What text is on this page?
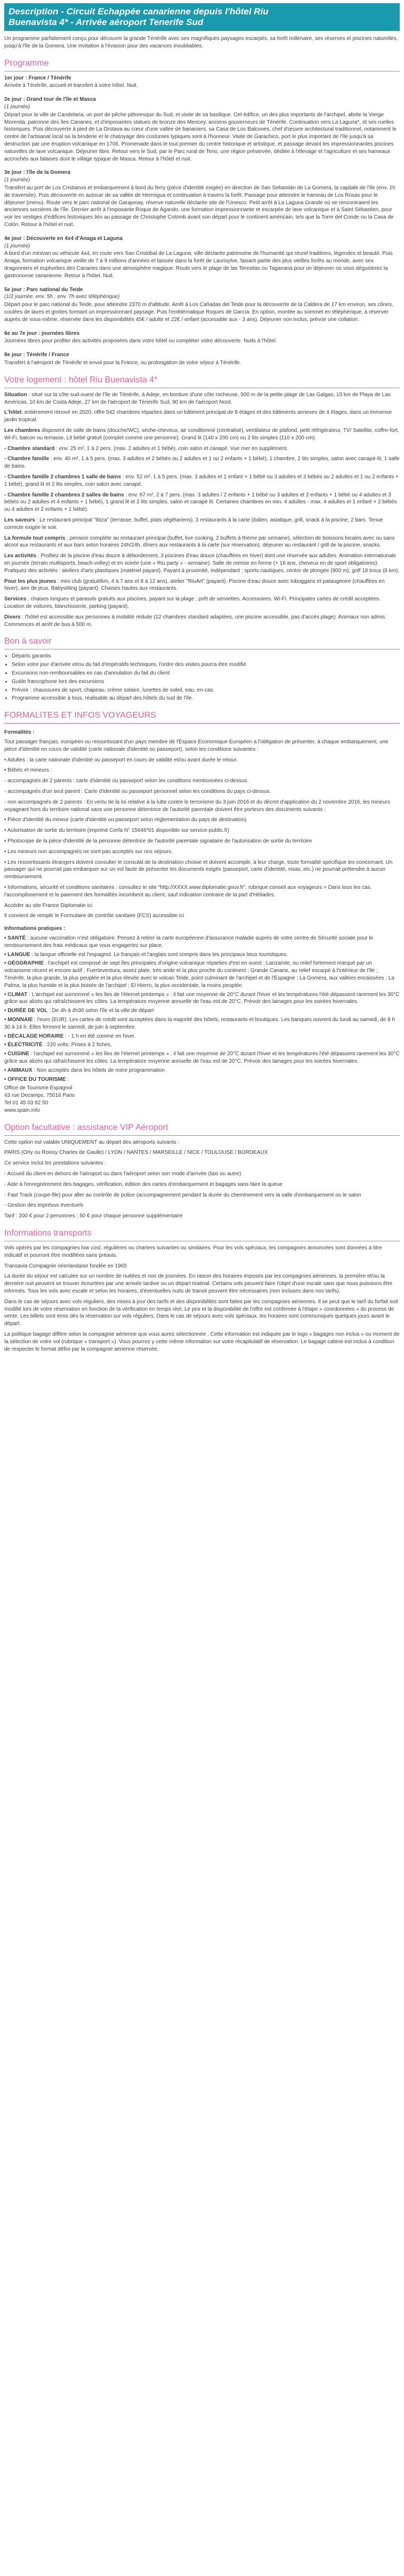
Description - Circuit Echappée canarienne depuis l'hôtel Riu
Buenavista 4* - Arrivée aéroport Tenerife Sud

Un programme parfaitement conçu pour découvrir la grande Ténérife avec ses magnifiques paysages escarpés, sa forêt millénaire, ses réserves et piscines naturelles, jusqu'à l'île de la Gomera. Une invitation à l'évasion pour des vacances inoubliables.

Programme
1er jour : France / Ténérife
Arrivée à Ténérife, accueil et transfert à votre hôtel. Nuit.
2e jour : Grand tour de l'île et Masca
(1 journée)
Départ pour la ville de Candelaria, un port de pêche pittoresque du Sud, et visite de sa basilique. Cet édifice, un des plus importants de l'archipel, abrite la Vierge Morenita, patronne des îles Canaries, et d'imposantes statues de bronze des Mencey, anciens gouverneurs de Ténérife. Continuation vers La Laguna*, et ses ruelles historiques. Puis découverte à pied de La Orotava au cœur d'une vallée de bananiers, sa Casa de Los Balcones, chef d'œuvre architectural traditionnel, notamment le centre de l'artisanat local où la broderie et le chatoyage des costumes typiques sont à l'honneur. Visite de Garachico, port le plus important de l'île jusqu'à sa destruction par une éruption volcanique en 1706. Promenade dans le tout premier du centre historique et artistique, et passage devant les impressionnantes piscines naturelles de lave volcanique. Déjeuner libre. Retour vers le Sud, par le Parc rural de Teno, une région préservée, dédiée à l'élevage et l'agriculture et ses hameaux accrochés aux falaises dont le village typique de Masca. Retour à l'hôtel et nuit.
3e jour : l'île de la Gomera
(1 journée)
Transfert au port de Los Cristianos et embarquement à bord du ferry (pièce d'identité exigée) en direction de San Sebastián de La Gomera, la capitale de l'île (env. 1h de traversée). Puis découverte en autocar de sa vallée de Hermigua et continuation à travers la forêt. Passage pour atteindre le hameau de Los Rosas pour le déjeuner (menu). Route vers le parc national de Garajonay, réserve naturelle déclarée site de l'Unesco. Petit arrêt à La Laguna Grande où se rencontraient les anciennes sorcières de l'île. Dernier arrêt à l'imposante Roque de Agando, une formation impressionnante et escarpée de lave volcanique et à Saint Sébastien, pour voir les vestiges d'édifices historiques liés au passage de Christophe Colomb avant son départ pour le continent américain, tels que la Torre del Conde ou la Casa de Colón. Retour à l'hôtel et nuit.
4e jour : Découverte en 4x4 d'Anaga et Laguna
(1 journée)
A bord d'un minivan ou véhicule 4x4, en route vers San Cristóbal de La Laguna, ville déclarée patrimoine de l'humanité qui réunit traditions, légendes et beauté. Puis Anaga, formation volcanique vieille de 7 à 9 millions d'années et laissée dans la forêt de Laurisylve, faisant partie des plus vieilles forêts au monde, avec ses dragonniers et euphorbes des Canaries dans une atmosphère magique. Route vers le plage de las Teresitas ou Taganana pour un déjeuner où vous dégusterez la gastronomie canarienne. Retour à l'hôtel. Nuit.
5e jour : Parc national du Teide
(1/2 journée, env. 5h ; env. 7h avec téléphérique)
Départ pour le parc national du Teide, pour atteindre 2370 m d'altitude. Arrêt à Los Cañadas del Teide pour la découverte de la Caldera de 17 km environ, ses cônes, coulées de laves et grottes formant un impressionnant paysage. Puis l'emblématique Roques de García. En option, montée au sommet en téléphérique, à réserver auprès de vous-même, réservée dans les disponibilités 45€ / adulte et 22€ / enfant (accessible aux - 3 ans). Déjeuner non inclus, prévoir une collation.
6e au 7e jour : journées libres
Journées libres pour profiter des activités proposées dans votre hôtel ou compléter votre découverte. Nuits à l'hôtel.
8e jour : Ténérife / France
Transfert à l'aéroport de Ténérife et envol pour la France, ou prolongation de votre séjour à Ténérife.
Votre logement : hôtel Riu Buenavista 4*

Situation : situé sur la côte sud-ouest de l'île de Ténérife, à Adeje, en bordure d'une côte rocheuse, 500 m de la petite plage de Las Galgas, 15 km de Playa de Las Américas, 10 km de Costa Adeje, 27 km de l'aéroport de Ténérife Sud, 90 km de l'aéroport Nord.

L'hôtel, entièrement rénové en 2020, offre 542 chambres réparties dans un bâtiment principal de 8 étages et des bâtiments annexes de 4 étages, dans un immense jardin tropical.

Les chambres disposent de salle de bains (douche/WC), sèche-cheveux, air conditionné (centralisé), ventilateur de plafond, petit réfrigérateur, TV/ Satellite, coffre-fort, Wi-Fi, balcon ou terrasse. Lit bébé gratuit (complet comme une personne). Grand lit (140 x 200 cm) ou 2 lits simples (110 x 200 cm).

- Chambre standard : env. 25 m², 1 à 2 pers. (max. 2 adultes et 1 bébé), coin salon et canapé. Vue mer en supplément.

- Chambre famille : env. 40 m², 1 à 5 pers. (max. 3 adultes et 2 bébés ou 2 adultes et 1 ou 2 enfants + 1 bébé), 1 chambre, 2 lits simples, salon avec canapé-lit, 1 salle de bains.

- Chambre famille 2 chambres 1 salle de bains : env. 52 m², 1 à 5 pers. (max. 3 adultes et 1 enfant + 1 bébé ou 3 adultes et 2 bébés ou 2 adultes et 1 ou 2 enfants + 1 bébé), grand lit et 2 lits simples, coin salon avec canapé.

- Chambre famille 2 chambres 2 salles de bains : env. 67 m², 2 à 7 pers. (max. 3 adultes / 2 enfants + 1 bébé ou 3 adultes et 2 enfants + 1 bébé ou 4 adultes et 3 bébés ou 2 adultes et 4 enfants + 1 bébé), 1 grand lit et 2 lits simples, salon et canapé lit. Certaines chambres en min. 4 adultes - max. 4 adultes et 1 enfant + 2 bébés ou 4 adultes et 2 enfants + 1 bébé).

Les saveurs : Le restaurant principal "Ibiza" (terrasse, buffet, plats végétariens), 3 restaurants à la carte (italien, asiatique, grill, snack à la piscine, 2 bars. Tenue correcte exigée le soir.

La formule tout compris : pension complète au restaurant principal (buffet, live cooking, 2 buffets à thème par semaine), sélection de boissons locales avec ou sans alcool aux restaurants et aux bars selon horaires 24h/24h, dîners aux restaurants à la carte (sur réservation), déjeuner au restaurant / grill de la piscine, snacks.

Les activités : Profitez de la piscine d'eau douce à débordement, 3 piscines d'eau douce (chauffées en hiver) dont une réservée aux adultes. Animation internationale en journée (terrain multisports, beach-volley) et en soirée (une « Riu party » - semaine). Salle de remise en forme (+ 16 ans, cheveux en de sport obligatoires). Pratiquez des activités : ateliers d'arts plastiques (matériel payant). Payant à proximité, indépendant : sports nautiques, centre de plongée (900 m), golf 18 trous (8 km).

Pour les plus jeunes : mini club (gratuit/km, 4 à 7 ans et 8 à 12 ans), atelier "RiuArt" (payant). Piscine d'eau douce avec toboggans et pataugeoire (chauffées en hiver), aire de jeux. Babysitting (payant). Chaises hautes aux restaurants.

Services : chaises longues et parasols gratuits aux piscines, payant sur la plage ; prêt de serviettes. Accessoires. Wi-Fi. Principales cartes de crédit acceptées. Location de voitures, blanchisserie, parking (payant).

Divers : l'hôtel est accessible aux personnes à mobilité réduite (12 chambres standard adaptées, une piscine accessible, pas d'accès plage). Animaux non admis. Commences et arrêt de bus à 500 m.

Bon à savoir
• Départs garantis
• Selon votre jour d'arrivée et/ou du fait d'impératifs techniques, l'ordre des visites pourra être modifié
• Excursions non-remboursables en cas d'annulation du fait du client
• Guide francophone lors des excursions
• Prévoir : chaussures de sport, chapeau, crème solaire, lunettes de soleil, eau, en-cas.
• Programme accessible à tous, réalisable au départ des hôtels du sud de l'île.
FORMALITES ET INFOS VOYAGEURS
Formalités :

Tout passager français, européen ou ressortissant d'un pays membre de l'Espace Economique Européen a l'obligation de présenter, à chaque embarquement, une pièce d'identité en cours de validité (carte nationale d'identité ou passeport), selon les conditions suivantes :

• Adultes : la carte nationale d'identité ou passeport en cours de validité et/ou avant durée le retour.

• Bébés et mineurs :

- accompagnés de 2 parents : carte d'identité ou passeport selon les conditions mentionnées ci-dessus.

- accompagnés d'un seul parent : Carte d'identité ou passeport personnel selon les conditions du pays ci-dessus.

- non accompagnés de 2 parents : En vertu de la loi relative à la lutte contre le terrorisme du 3 juin 2016 et du décret d'application du 2 novembre 2016, les mineurs voyageant hors du territoire national sans une personne détentrice de l'autorité parentale doivent être porteurs des documents suivants :

• Pièce d'identité du mineur (carte d'identité ou passeport selon réglementation du pays de destination)

• Autorisation de sortie du territoire (imprimé Cerfa N° 15646*01 disponible sur service-public.fr)

• Photocopie de la pièce d'identité de la personne détentrice de l'autorité parentale signataire de l'autorisation de sortie du territoire

• Les mineurs non accompagnés ne sont pas acceptés sur nos séjours.

• Les ressortissants étrangers doivent consulter le consulat de la destination choisie et doivent accomplir, à leur charge, toute formalité spécifique les concernant. Un passager qui ne pourrait pas embarquer sur un vol faute de présenter les documents exigés (passeport, carte d'identité, visas, etc.) ne pourrait prétendre à aucun remboursement.

• Informations, sécurité et conditions sanitaires : consultez le site "http://XXXX.www.diplomatie.gouv.fr", rubrique conseil aux voyageurs > Dans tous les cas, l'accomplissement et le paiement des formalités incombent au client, sauf indication contraire de la part d'Héliades.

Accéder au site France Diplomatie ici

Il convient de remplir le Formulaire de contrôle sanitaire (FCS) accessible ici

Informations pratiques :

• SANTÉ : aucune vaccination n'est obligatoire. Pensez à retirer la carte européenne d'assurance maladie auprès de votre centre de Sécurité sociale pour le remboursement des frais médicaux que vous engageriez sur place.

• LANGUE : la langue officielle est l'espagnol. Le français et l'anglais sont compris dans les principaux lieux touristiques.

• GÉOGRAPHIE : l'archipel est composé de sept îles principales d'origine volcanique réparties d'est en ouest : Lanzarote, ou relief fortement marqué par un volcanisme récent et encore actif ; Fuerteventura, assez plate, très aride et la plus proche du continent ; Grande Canarie, au relief escarpé à l'intérieur de l'île ; Ténérife, la plus grande, la plus peuplée et la plus élevée avec le volcan Teide, point culminant de l'archipel et de l'Espagne ; La Gomera, aux vallées encaissées ; La Palma, la plus humide et la plus boisée de l'archipel ; El Hierro, la plus occidentale, la moins peuplée.

• CLIMAT : L'archipel est surnommé « les îles de l'éternel printemps » : il fait une moyenne de 20°C durant l'hiver et les températures l'été dépassent rarement les 30°C grâce aux alizés qui rafraîchissent les côtes. La température moyenne annuelle de l'eau est de 20°C. Prévoir des lainages pour les soirées hivernales.

• DURÉE DE VOL : De 4h à 4h30 selon l'île et la ville de départ

• MONNAIE : l'euro (EUR). Les cartes de crédit sont acceptées dans la majorité des hôtels, restaurants et boutiques. Les banques ouvrent du lundi au samedi, de 8 h 30 à 14 h. Elles ferment le samedi, de juin à septembre.

• DÉCALAGE HORAIRE : - 1 h en été comme en hiver.

• ÉLECTRICITÉ : 220 volts. Prises à 2 fiches.

• CUISINE : l'archipel est surnommé « les îles de l'éternel printemps » : il fait une moyenne de 20°C durant l'hiver et les températures l'été dépassent rarement les 30°C grâce aux alizés qui rafraîchissent les côtes. La température moyenne annuelle de l'eau est de 20°C. Prévoir des lainages pour les soirées hivernales.

• ANIMAUX : Non acceptés dans les hôtels de notre programmation

• OFFICE DU TOURISME :

Office de Tourisme Espagnol
43 rue Decamps, 75016 Paris
Tel 01 45 03 82 50
www.spain.info
Option facultative : assistance VIP Aéroport

Cette option est valable UNIQUEMENT au départ des aéroports suivants :

PARIS (Orly ou Roissy Charles de Gaulle) / LYON / NANTES / MARSEILLE / NICE / TOULOUSE / BORDEAUX

Ce service inclut les prestations suivantes :

- Accueil du client en dehors de l'aéroport ou dans l'aéroport selon son mode d'arrivée (taxi ou autre)

- Aide à l'enregistrement des bagages, vérification, édition des cartes d'embarquement et bagages sans faire la queue

- Fast Track (coupe-file) pour aller au contrôle de police (accompagnement pendant la durée du cheminement vers la salle d'embarquement ou le salon

- Gestion des imprévus éventuels

Tarif : 200 € pour 2 personnes ; 50 € pour chaque personne supplémentaire

Informations transports

Vols opérés par les compagnies low cost, régulières ou charters suivantes ou similaires. Pour les vols spéciaux, les compagnies annoncées sont données à titre indicatif et pourront être modifiées sans préavis.

Transavia Compagnie néerlandaise fondée en 1965

La durée du séjour est calculée sur un nombre de nuitées et non de journées. En raison des horaires imposés par les compagnies aériennes, la première et/ou la dernière nuit peuvent se trouver écourtées par une arrivée tardive ou un départ matinal. Certains vols peuvent faire l'objet d'une escale sans que nous puissions être informés. Tous les vols avec escale et selon les horaires, d'éventuelles nuits de transit peuvent être nécessaires (non incluses dans nos tarifs).

Dans le cas de séjours avec vols réguliers, des mises à jour des tarifs et des disponibilités sont faites par les compagnies aériennes. Il se peut que le tarif du forfait soit modifié lors de votre réservation en fonction de la vérification en temps réel. Le prix et la disponibilité de l'offre est confirmée à l'étape « coordonnées » du process de vente. Les billets sont émis dès la réservation sur vols réguliers. Dans le cas de séjours avec vols spéciaux, les horaires sont communiqués quelques jours avant le départ.

La politique bagage diffère selon la compagnie aérienne que vous aurez sélectionnée . Cette information est indiquée par le logo « bagages non inclus » ou moment de la sélection de votre vol (rubrique « transport »). Vous pourrez y cette même information sur votre récapitulatif de réservation. Le bagage cabine est inclus à condition de respecter le format défini par la compagnie aérienne réservée.
